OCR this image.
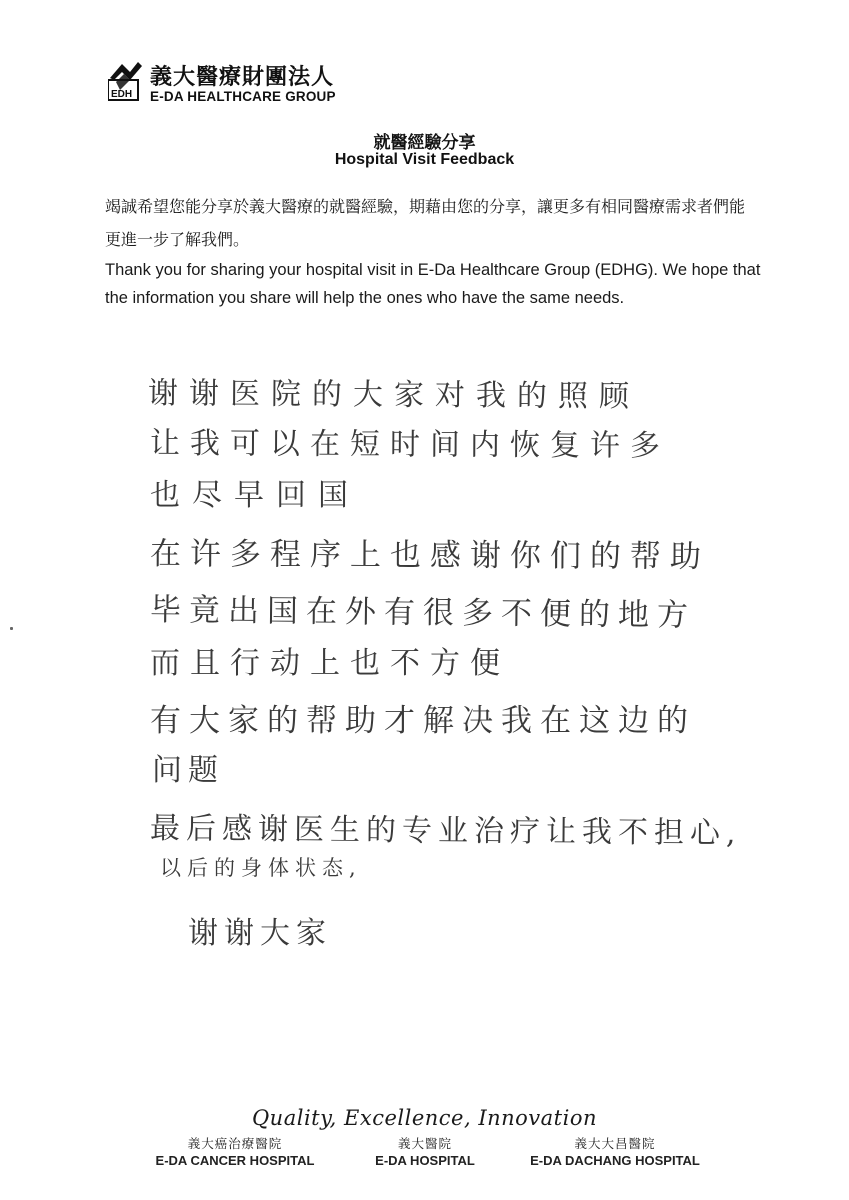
EDH
義大醫療財團法人
E-DA HEALTHCARE GROUP
就醫經驗分享
Hospital Visit Feedback
竭誠希望您能分享於義大醫療的就醫經驗，期藉由您的分享，讓更多有相同醫療需求者們能更進一步了解我們。
Thank you for sharing your hospital visit in E-Da Healthcare Group (EDHG). We hope that the information you share will help the ones who have the same needs.
谢谢医院的大家对我的照顾
让我可以在短时间内恢复许多
也尽早回国
在许多程序上也感谢你们的帮助
毕竟出国在外有很多不便的地方
而且行动上也不方便
有大家的帮助才解决我在这边的
问题
最后感谢医生的专业治疗让我不担心,
以后的身体状态,
谢谢大家
Quality, Excellence, Innovation
義大癌治療醫院
E-DA CANCER HOSPITAL
義大醫院
E-DA HOSPITAL
義大大昌醫院
E-DA DACHANG HOSPITAL
